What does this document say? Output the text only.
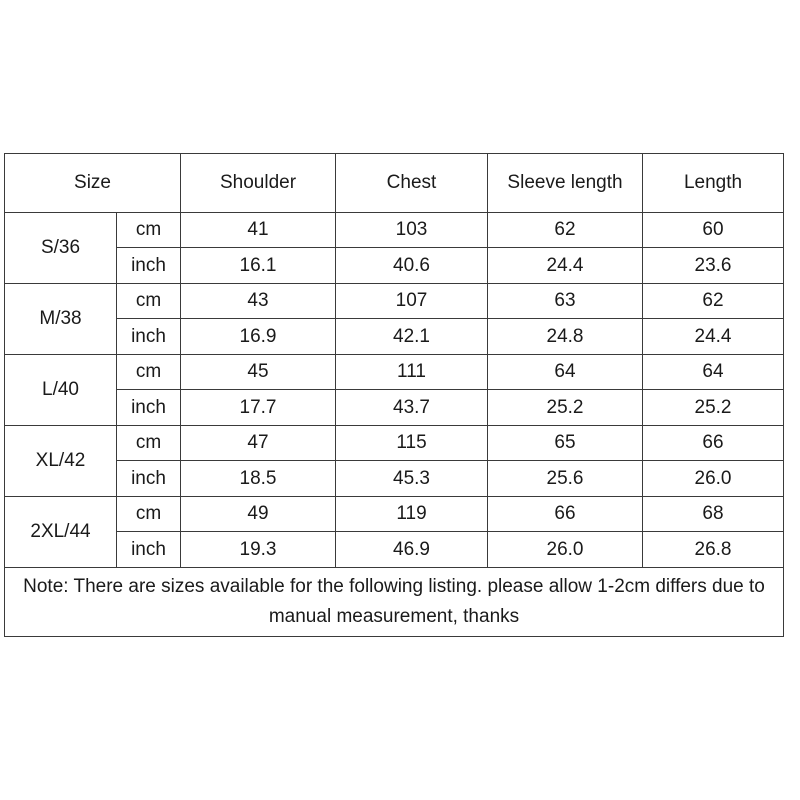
Size		Shoulder	Chest	Sleeve length	Length
S/36	cm	41	103	62	60
	inch	16.1	40.6	24.4	23.6
M/38	cm	43	107	63	62
	inch	16.9	42.1	24.8	24.4
L/40	cm	45	111	64	64
	inch	17.7	43.7	25.2	25.2
XL/42	cm	47	115	65	66
	inch	18.5	45.3	25.6	26.0
2XL/44	cm	49	119	66	68
	inch	19.3	46.9	26.0	26.8
Note: There are sizes available for the following listing. please allow 1-2cm differs due to manual measurement, thanks					
